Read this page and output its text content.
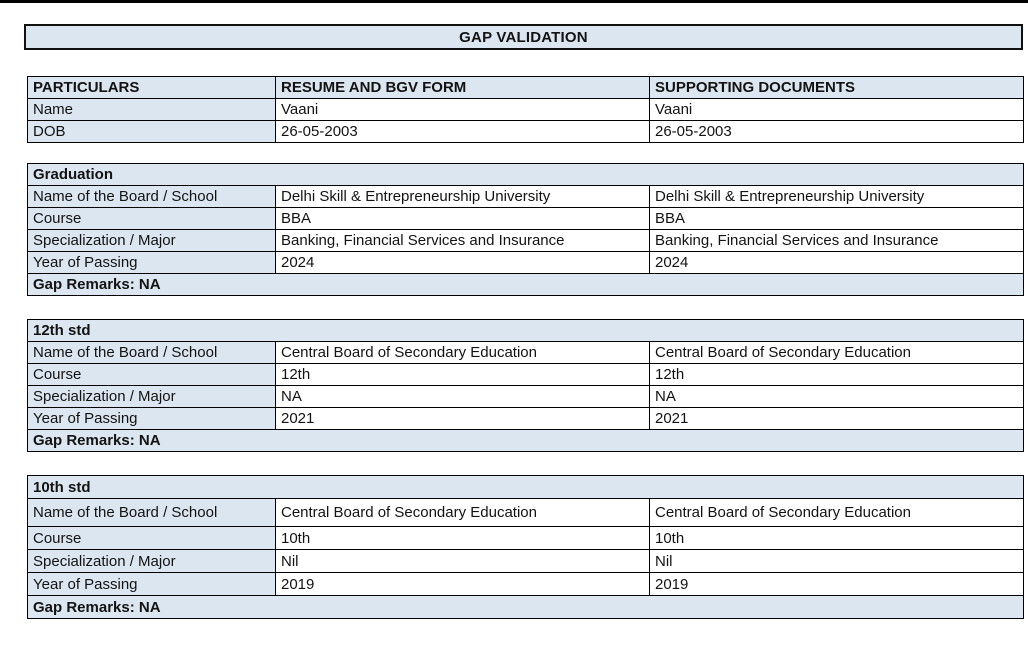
GAP VALIDATION
PARTICULARS	RESUME AND BGV FORM	SUPPORTING DOCUMENTS
Name	Vaani	Vaani
DOB	26-05-2003	26-05-2003
Graduation		
Name of the Board / School	Delhi Skill & Entrepreneurship University	Delhi Skill & Entrepreneurship University
Course	BBA	BBA
Specialization / Major	Banking, Financial Services and Insurance	Banking, Financial Services and Insurance
Year of Passing	2024	2024
Gap Remarks: NA		
12th std		
Name of the Board / School	Central Board of Secondary Education	Central Board of Secondary Education
Course	12th	12th
Specialization / Major	NA	NA
Year of Passing	2021	2021
Gap Remarks: NA		
10th std		
Name of the Board / School	Central Board of Secondary Education	Central Board of Secondary Education
Course	10th	10th
Specialization / Major	Nil	Nil
Year of Passing	2019	2019
Gap Remarks: NA		
